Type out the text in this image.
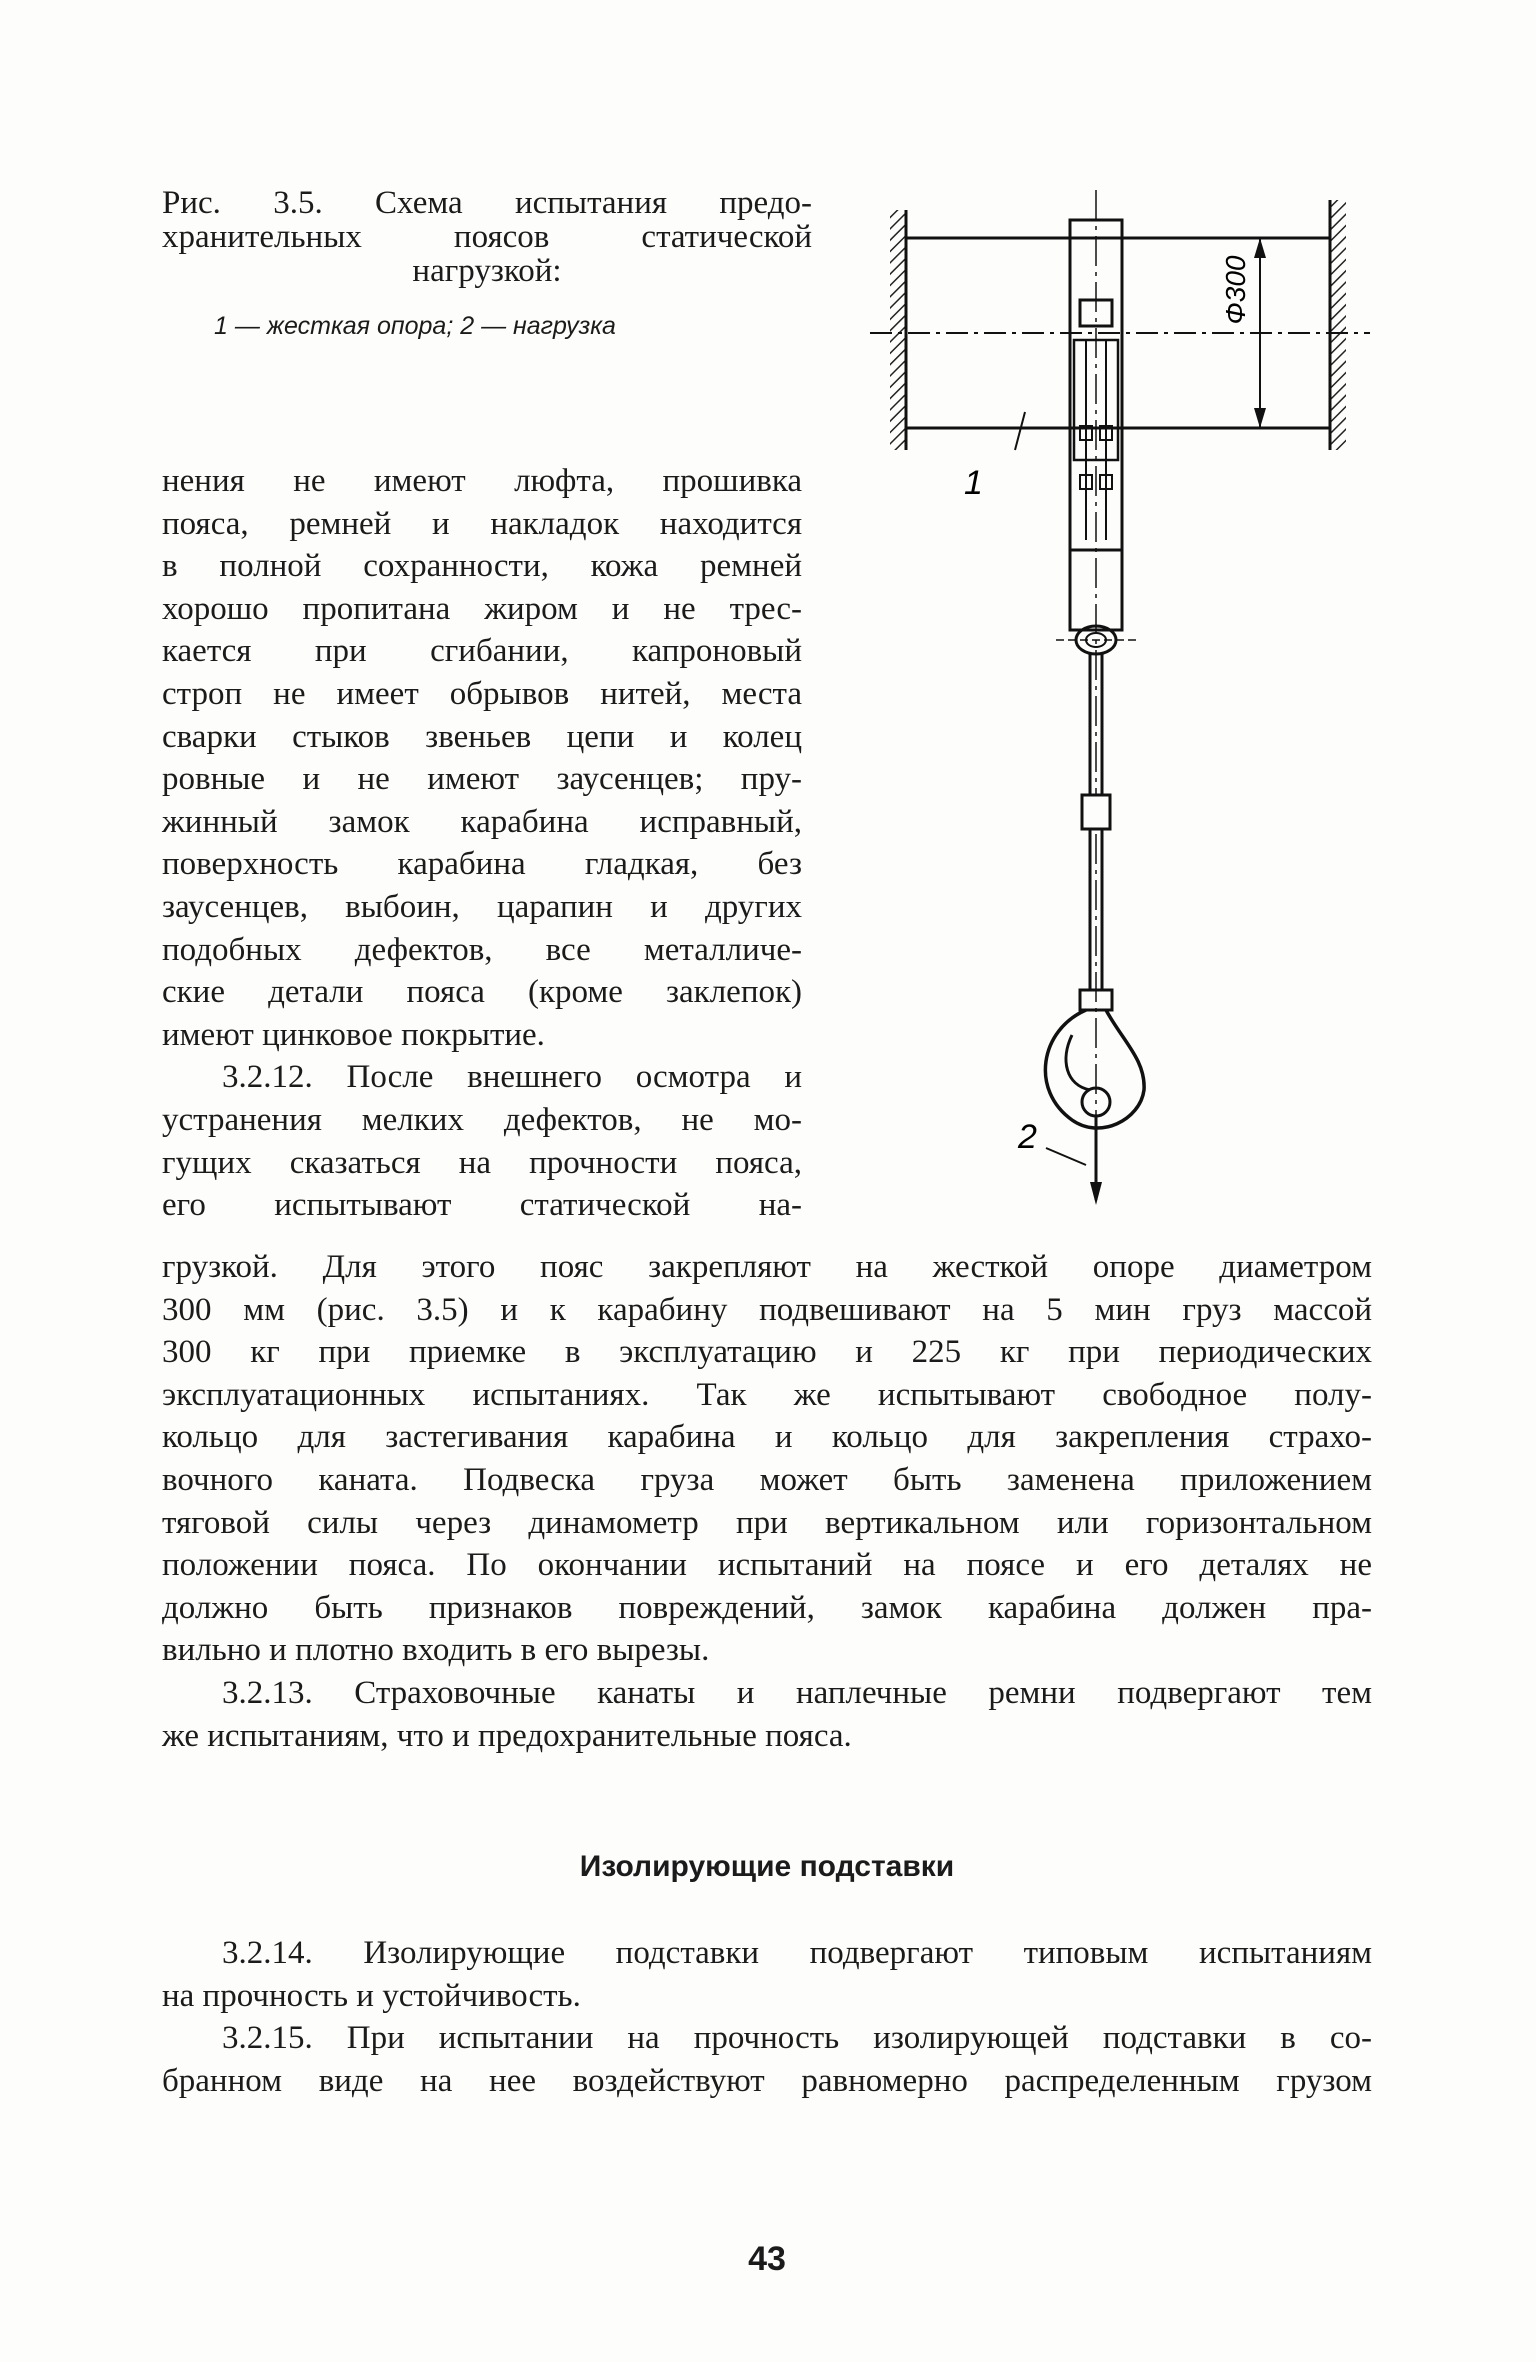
Рис. 3.5. Схема испытания предо-
хранительных поясов статической
нагрузкой:
1 — жесткая опора; 2 — нагрузка
Ф300
1
2
нения не имеют люфта, прошивка
пояса, ремней и накладок находится
в полной сохранности, кожа ремней
хорошо пропитана жиром и не трес-
кается при сгибании, капроновый
строп не имеет обрывов нитей, места
сварки стыков звеньев цепи и колец
ровные и не имеют заусенцев; пру-
жинный замок карабина исправный,
поверхность карабина гладкая, без
заусенцев, выбоин, царапин и других
подобных дефектов, все металличе-
ские детали пояса (кроме заклепок)
имеют цинковое покрытие.
3.2.12. После внешнего осмотра и
устранения мелких дефектов, не мо-
гущих сказаться на прочности пояса,
его испытывают статической на-
грузкой. Для этого пояс закрепляют на жесткой опоре диаметром
300 мм (рис. 3.5) и к карабину подвешивают на 5 мин груз массой
300 кг при приемке в эксплуатацию и 225 кг при периодических
эксплуатационных испытаниях. Так же испытывают свободное полу-
кольцо для застегивания карабина и кольцо для закрепления страхо-
вочного каната. Подвеска груза может быть заменена приложением
тяговой силы через динамометр при вертикальном или горизонтальном
положении пояса. По окончании испытаний на поясе и его деталях не
должно быть признаков повреждений, замок карабина должен пра-
вильно и плотно входить в его вырезы.
3.2.13. Страховочные канаты и наплечные ремни подвергают тем
же испытаниям, что и предохранительные пояса.
Изолирующие подставки
3.2.14. Изолирующие подставки подвергают типовым испытаниям
на прочность и устойчивость.
3.2.15. При испытании на прочность изолирующей подставки в со-
бранном виде на нее воздействуют равномерно распределенным грузом
43
